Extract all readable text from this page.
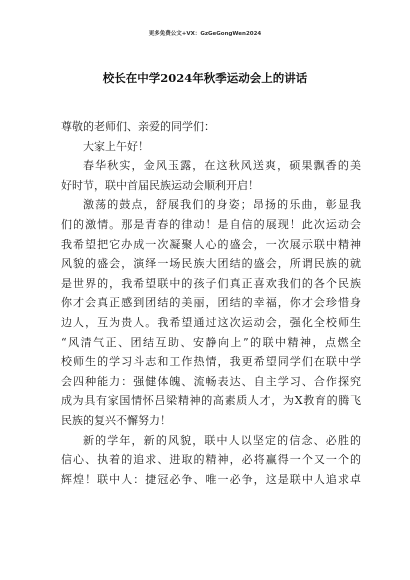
更多免费公文+VX：GzGeGongWen2024
校长在中学2024年秋季运动会上的讲话
尊敬的老师们、亲爱的同学们：
大家上午好！
春华秋实，金风玉露，在这秋风送爽，硕果飘香的美
好时节，联中首届民族运动会顺利开启！
激荡的鼓点，舒展我们的身姿；昂扬的乐曲，彰显我
们的激情。那是青春的律动！是自信的展现！此次运动会
我希望把它办成一次凝聚人心的盛会，一次展示联中精神
风貌的盛会，演绎一场民族大团结的盛会，所谓民族的就
是世界的，我希望联中的孩子们真正喜欢我们的各个民族
你才会真正感到团结的美丽，团结的幸福，你才会珍惜身
边人，互为贵人。我希望通过这次运动会，强化全校师生
“风清气正、团结互助、安静向上”的联中精神，点燃全
校师生的学习斗志和工作热情，我更希望同学们在联中学
会四种能力：强健体魄、流畅表达、自主学习、合作探究
成为具有家国情怀吕梁精神的高素质人才，为X教育的腾飞
民族的复兴不懈努力！
新的学年，新的风貌，联中人以坚定的信念、必胜的
信心、执着的追求、进取的精神，必将赢得一个又一个的
辉煌！联中人：捷冠必争、唯一必争，这是联中人追求卓
